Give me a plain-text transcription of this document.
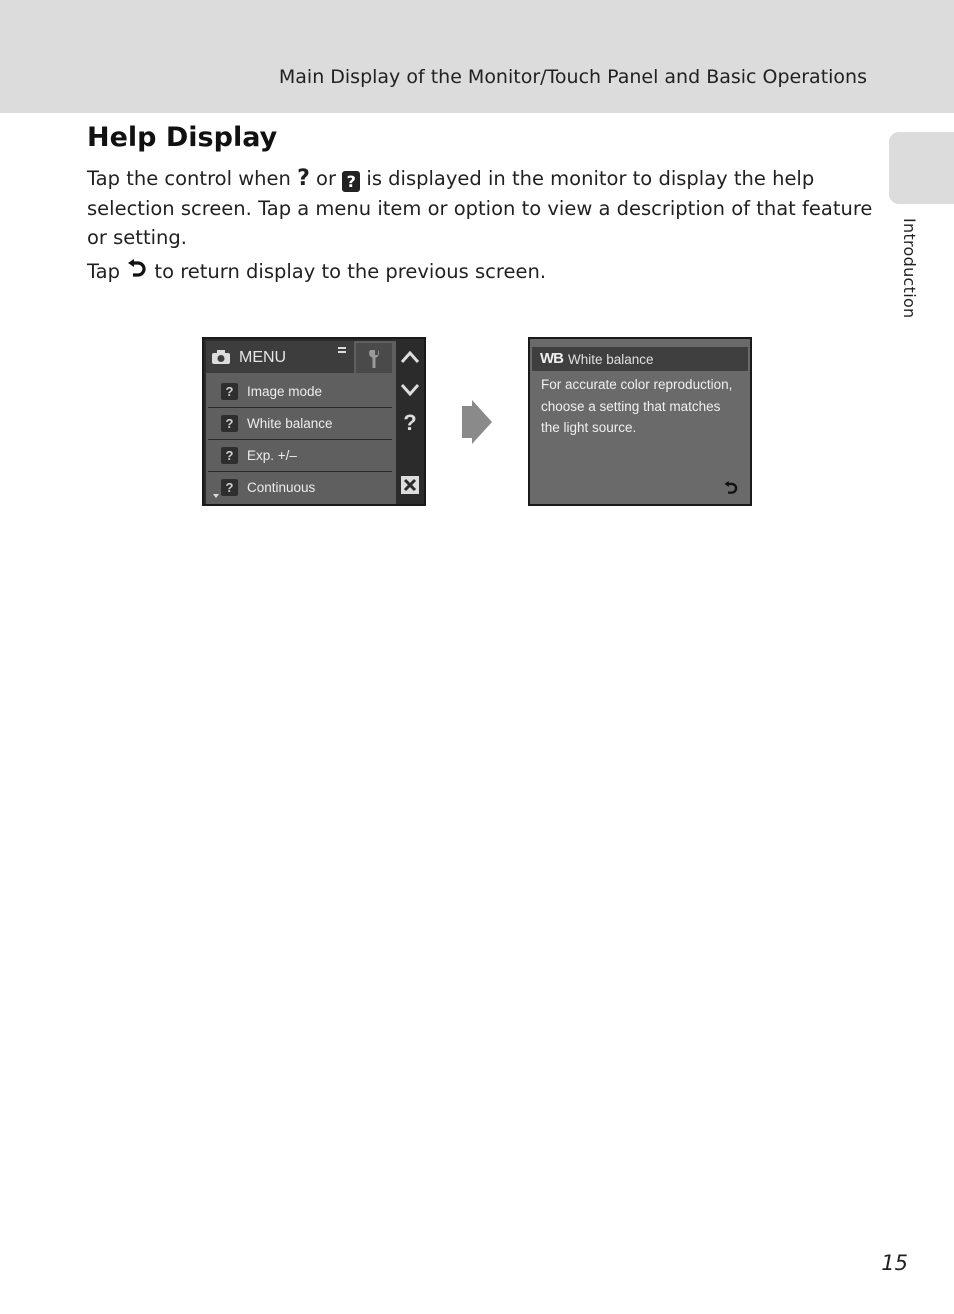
Main Display of the Monitor/Touch Panel and Basic Operations
Introduction
Help Display

Tap the control when ? or ? is displayed in the monitor to display the help selection screen. Tap a menu item or option to view a description of that feature or setting.

Tap to return display to the previous screen.

MENU
?	Image mode
?	White balance
?	Exp. +/–
?	Continuous
?
WB White balance
For accurate color reproduction,
choose a setting that matches
the light source.
15
